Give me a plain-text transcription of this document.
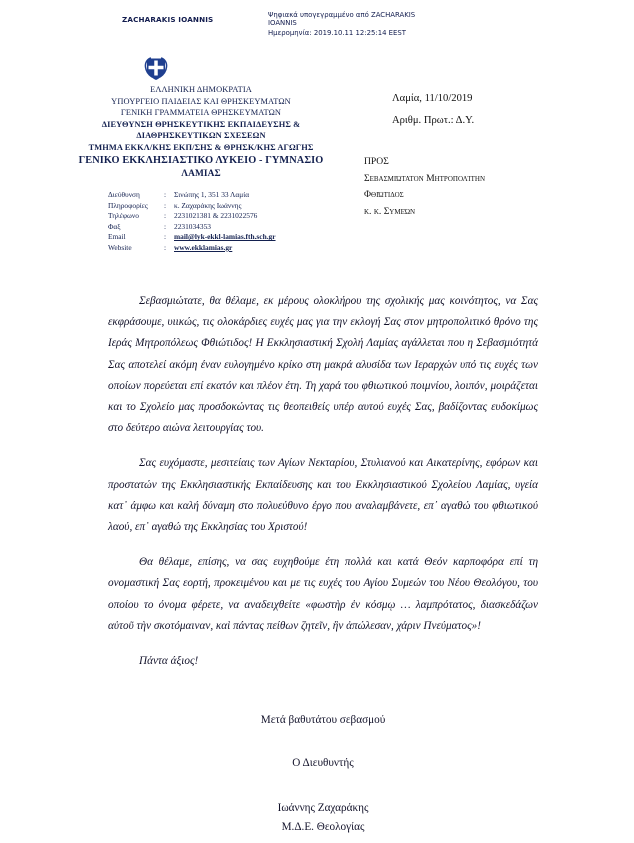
ZACHARAKIS IOANNIS	Ψηφιακά υπογεγραμμένο από ZACHARAKIS
IOANNIS
Ημερομηνία: 2019.10.11 12:25:14 EEST
ΕΛΛΗΝΙΚΗ ΔΗΜΟΚΡΑΤΙΑ
ΥΠΟΥΡΓΕΙΟ ΠΑΙΔΕΙΑΣ ΚΑΙ ΘΡΗΣΚΕΥΜΑΤΩΝ
ΓΕΝΙΚΗ ΓΡΑΜΜΑΤΕΙΑ ΘΡΗΣΚΕΥΜΑΤΩΝ
ΔΙΕΥΘΥΝΣΗ ΘΡΗΣΚΕΥΤΙΚΗΣ ΕΚΠΑΙΔΕΥΣΗΣ &
ΔΙΑΘΡΗΣΚΕΥΤΙΚΩΝ ΣΧΕΣΕΩΝ
ΤΜΗΜΑ ΕΚΚΛ/ΚΗΣ ΕΚΠ/ΣΗΣ & ΘΡΗΣΚ/ΚΗΣ ΑΓΩΓΗΣ
ΓΕΝΙΚΟ ΕΚΚΛΗΣΙΑΣΤΙΚΟ ΛΥΚΕΙΟ - ΓΥΜΝΑΣΙΟ
ΛΑΜΙΑΣ
Διεύθυνση	:	Σινώπης 1, 351 33 Λαμία
Πληροφορίες	:	κ. Ζαχαράκης Ιωάννης
Τηλέφωνο	:	2231021381 & 2231022576
Φαξ	:	2231034353
Email	:	mail@lyk-ekkl-lamias.fth.sch.gr
Website	:	www.ekklamias.gr
Λαμία, 11/10/2019
Αριθμ. Πρωτ.: Δ.Υ.
ΠΡΟΣ
Σεβασμιώτατον Μητροπολίτην
Φθιώτιδος
κ. κ. Συμεών

Σεβασμιώτατε, θα θέλαμε, εκ μέρους ολοκλήρου της σχολικής μας κοινότητος, να Σας εκφράσουμε, υιικώς, τις ολοκάρδιες ευχές μας για την εκλογή Σας στον μητροπολιτικό θρόνο της Ιεράς Μητροπόλεως Φθιώτιδος! Η Εκκλησιαστική Σχολή Λαμίας αγάλλεται που η Σεβασμιότητά Σας αποτελεί ακόμη έναν ευλογημένο κρίκο στη μακρά αλυσίδα των Ιεραρχών υπό τις ευχές των οποίων πορεύεται επί εκατόν και πλέον έτη. Τη χαρά του φθιωτικού ποιμνίου, λοιπόν, μοιράζεται και το Σχολείο μας προσδοκώντας τις θεοπειθείς υπέρ αυτού ευχές Σας, βαδίζοντας ευδοκίμως στο δεύτερο αιώνα λειτουργίας του.

Σας ευχόμαστε, μεσιτείαις των Αγίων Νεκταρίου, Στυλιανού και Αικατερίνης, εφόρων και προστατών της Εκκλησιαστικής Εκπαίδευσης και του Εκκλησιαστικού Σχολείου Λαμίας, υγεία κατ᾽ άμφω και καλή δύναμη στο πολυεύθυνο έργο που αναλαμβάνετε, επ᾽ αγαθώ του φθιωτικού λαού, επ᾽ αγαθώ της Εκκλησίας του Χριστού!

Θα θέλαμε, επίσης, να σας ευχηθούμε έτη πολλά και κατά Θεόν καρποφόρα επί τη ονομαστική Σας εορτή, προκειμένου και με τις ευχές του Αγίου Συμεών του Νέου Θεολόγου, του οποίου το όνομα φέρετε, να αναδειχθείτε «φωστὴρ ἐν κόσμῳ … λαμπρότατος, διασκεδάζων αὐτοῦ τὴν σκοτόμαιναν, καὶ πάντας πείθων ζητεῖν, ἣν ἀπώλεσαν, χάριν Πνεύματος»!

Πάντα άξιος!

Μετά βαθυτάτου σεβασμού
Ο Διευθυντής
Ιωάννης Ζαχαράκης
Μ.Δ.Ε. Θεολογίας
